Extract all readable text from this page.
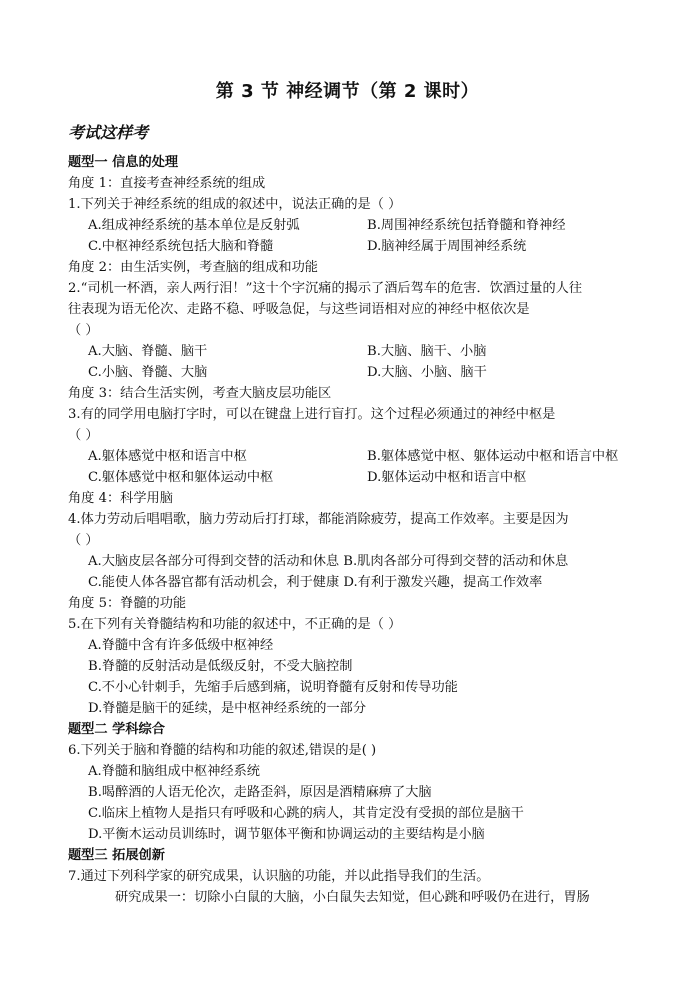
第 3 节 神经调节（第 2 课时）
考试这样考
题型一 信息的处理
角度 1：直接考查神经系统的组成
1.下列关于神经系统的组成的叙述中，说法正确的是（ ）
A.组成神经系统的基本单位是反射弧	B.周围神经系统包括脊髓和脊神经
C.中枢神经系统包括大脑和脊髓	D.脑神经属于周围神经系统
角度 2：由生活实例，考查脑的组成和功能
2.“司机一杯酒，亲人两行泪！”这十个字沉痛的揭示了酒后驾车的危害．饮酒过量的人往
往表现为语无伦次、走路不稳、呼吸急促，与这些词语相对应的神经中枢依次是
（ ）
A.大脑、脊髓、脑干	B.大脑、脑干、小脑
C.小脑、脊髓、大脑	D.大脑、小脑、脑干
角度 3：结合生活实例，考查大脑皮层功能区
3.有的同学用电脑打字时，可以在键盘上进行盲打。这个过程必须通过的神经中枢是
（ ）
A.躯体感觉中枢和语言中枢	B.躯体感觉中枢、躯体运动中枢和语言中枢
C.躯体感觉中枢和躯体运动中枢	D.躯体运动中枢和语言中枢
角度 4：科学用脑
4.体力劳动后唱唱歌，脑力劳动后打打球，都能消除疲劳，提高工作效率。主要是因为
（ ）
A.大脑皮层各部分可得到交替的活动和休息 B.肌肉各部分可得到交替的活动和休息
C.能使人体各器官都有活动机会，利于健康 D.有利于激发兴趣，提高工作效率
角度 5：脊髓的功能
5.在下列有关脊髓结构和功能的叙述中，不正确的是（ ）
A.脊髓中含有许多低级中枢神经
B.脊髓的反射活动是低级反射，不受大脑控制
C.不小心针刺手，先缩手后感到痛，说明脊髓有反射和传导功能
D.脊髓是脑干的延续，是中枢神经系统的一部分
题型二 学科综合
6.下列关于脑和脊髓的结构和功能的叙述,错误的是( )
A.脊髓和脑组成中枢神经系统
B.喝醉酒的人语无伦次，走路歪斜，原因是酒精麻痹了大脑
C.临床上植物人是指只有呼吸和心跳的病人，其肯定没有受损的部位是脑干
D.平衡木运动员训练时，调节躯体平衡和协调运动的主要结构是小脑
题型三 拓展创新
7.通过下列科学家的研究成果，认识脑的功能，并以此指导我们的生活。
研究成果一：切除小白鼠的大脑，小白鼠失去知觉，但心跳和呼吸仍在进行，胃肠
